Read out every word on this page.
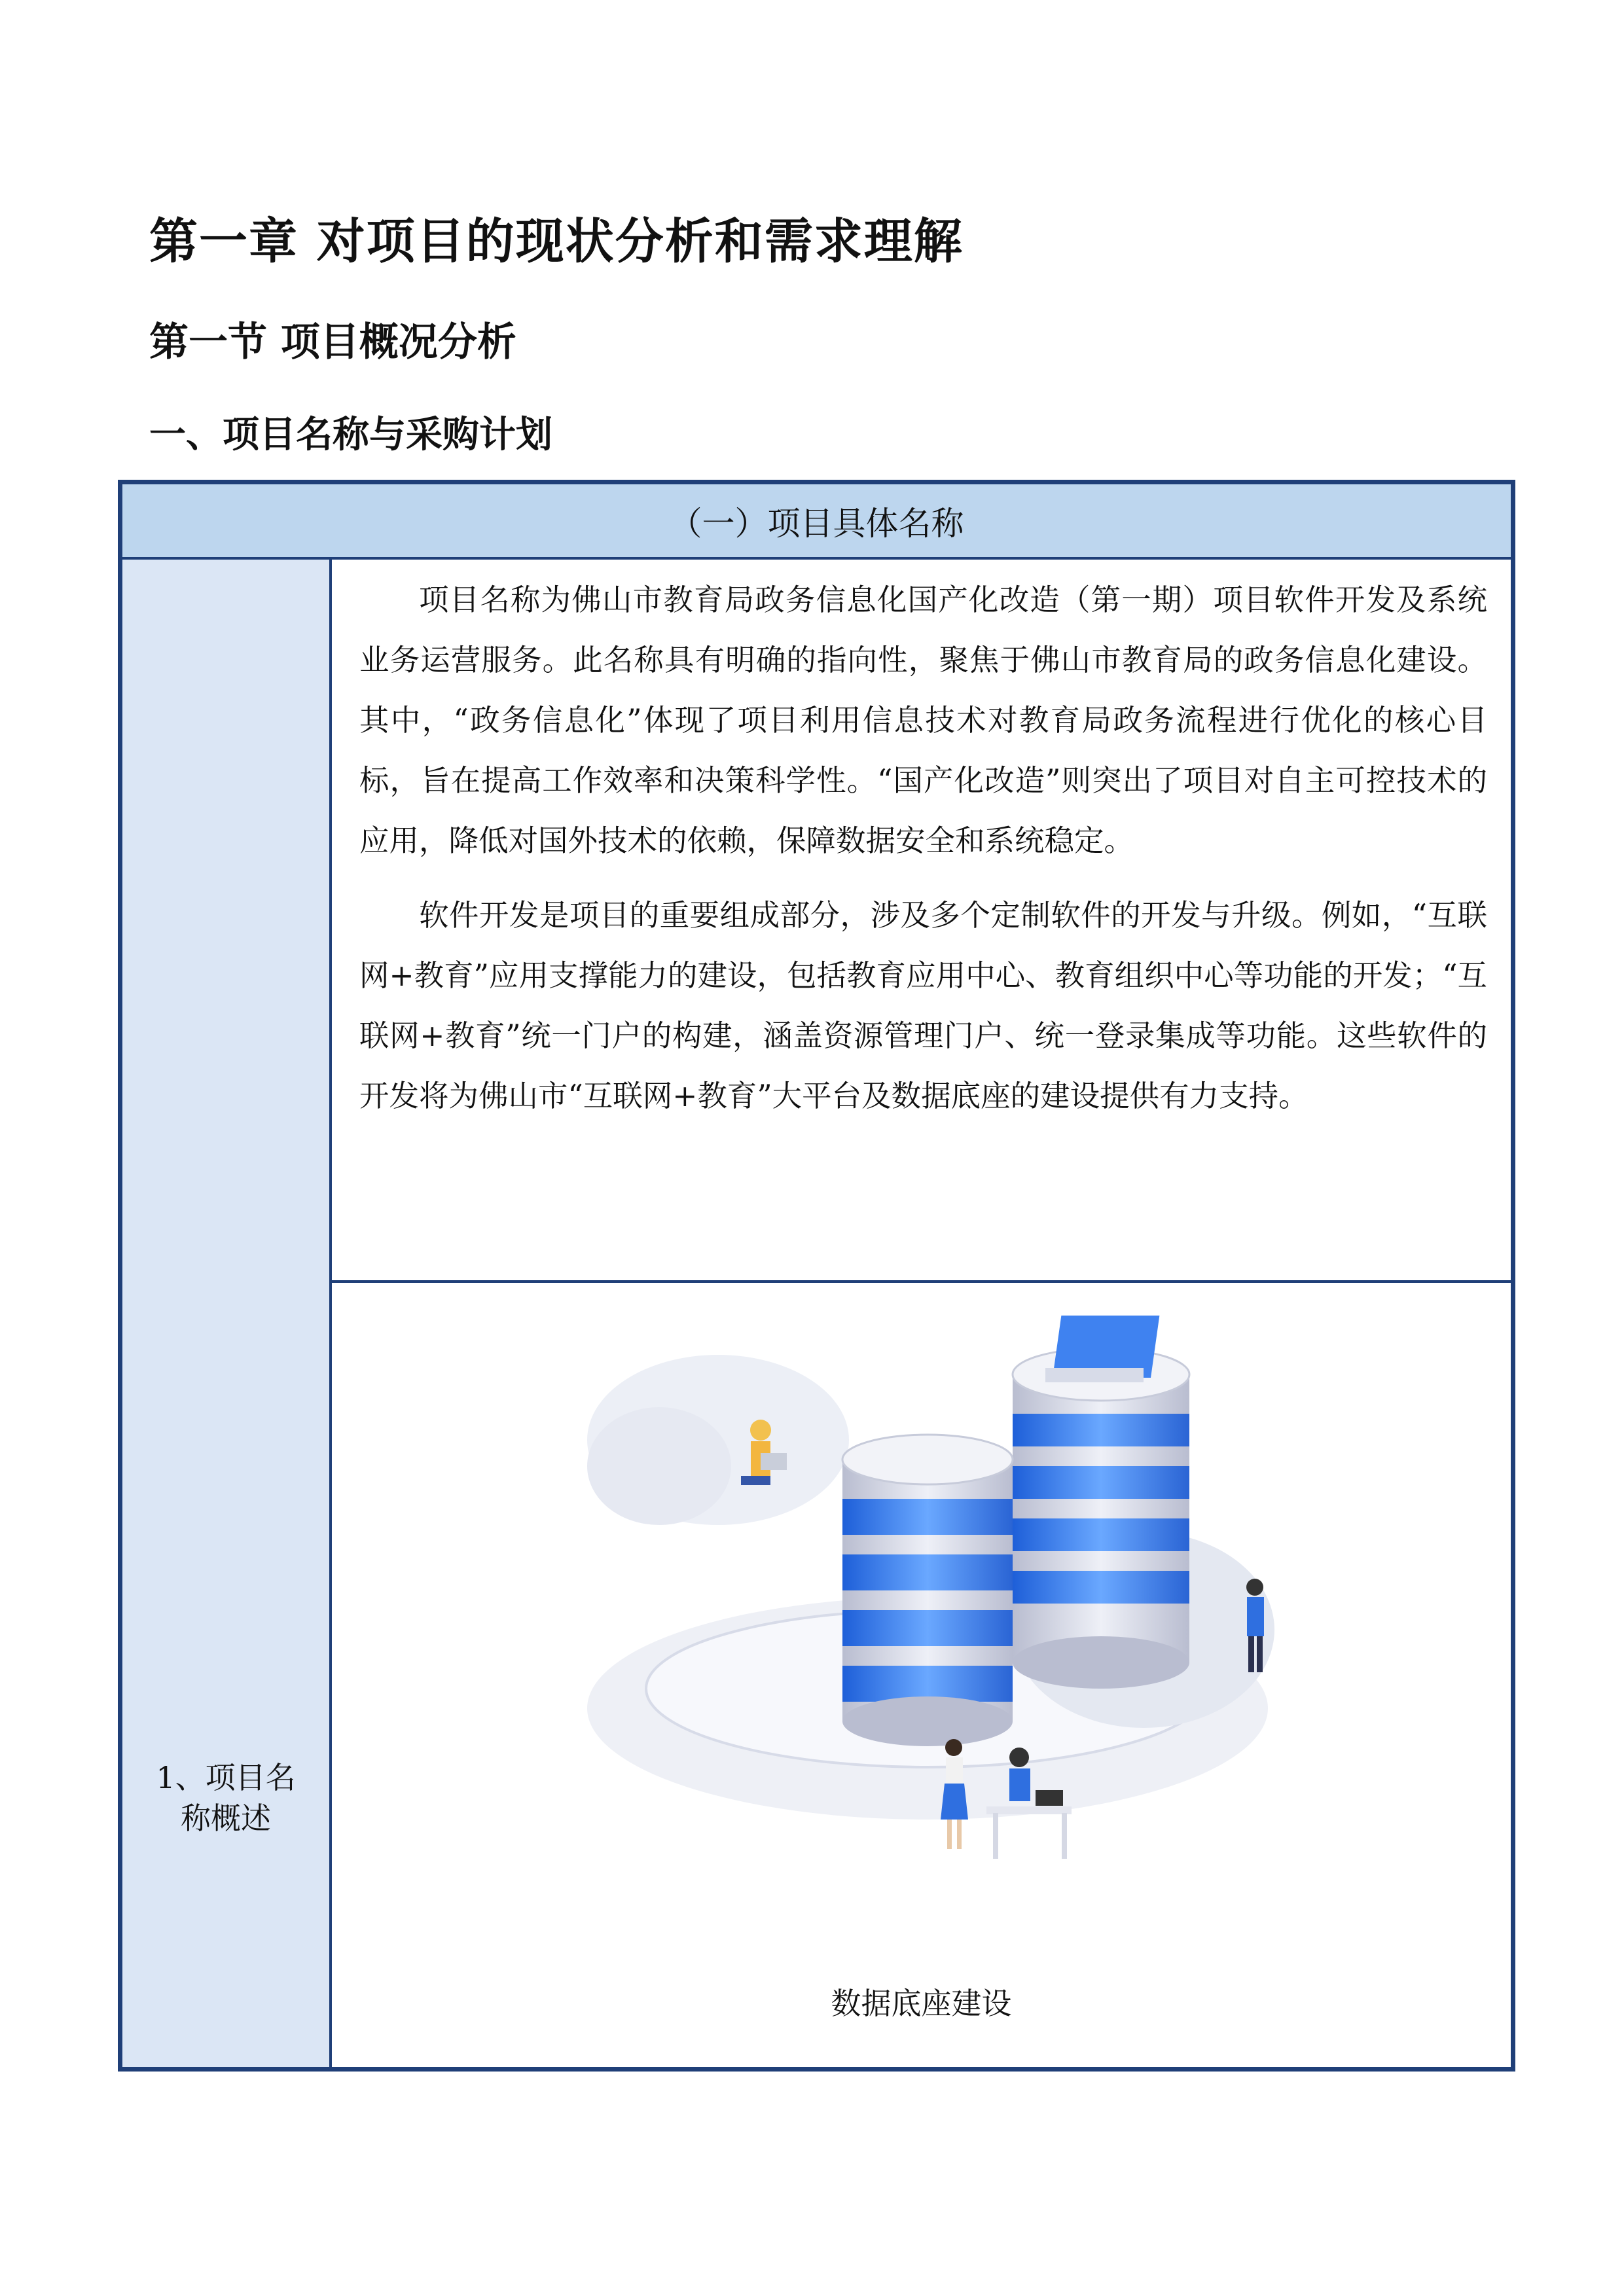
第一章 对项目的现状分析和需求理解
第一节 项目概况分析
一、项目名称与采购计划
（一）项目具体名称
1、项目名
称概述

项目名称为佛山市教育局政务信息化国产化改造（第一期）项目软件开发及系统业务运营服务。此名称具有明确的指向性，聚焦于佛山市教育局的政务信息化建设。其中，“政务信息化”体现了项目利用信息技术对教育局政务流程进行优化的核心目标，旨在提高工作效率和决策科学性。“国产化改造”则突出了项目对自主可控技术的应用，降低对国外技术的依赖，保障数据安全和系统稳定。

软件开发是项目的重要组成部分，涉及多个定制软件的开发与升级。例如，“互联网+教育”应用支撑能力的建设，包括教育应用中心、教育组织中心等功能的开发；“互联网+教育”统一门户的构建，涵盖资源管理门户、统一登录集成等功能。这些软件的开发将为佛山市“互联网+教育”大平台及数据底座的建设提供有力支持。

数据底座建设
